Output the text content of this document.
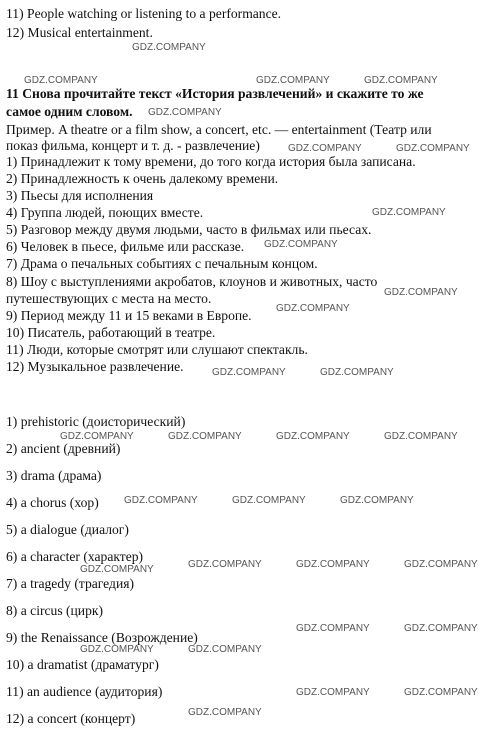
11) People watching or listening to a performance.
12) Musical entertainment.
11 Снова прочитайте текст «История развлечений» и скажите то же
самое одним словом.
Пример. A theatre or a film show, a concert, etc. — entertainment (Театр или
показ фильма, концерт и т. д. - развлечение)
1) Принадлежит к тому времени, до того когда история была записана.
2) Принадлежность к очень далекому времени.
3) Пьесы для исполнения
4) Группа людей, поющих вместе.
5) Разговор между двумя людьми, часто в фильмах или пьесах.
6) Человек в пьесе, фильме или рассказе.
7) Драма о печальных событиях с печальным концом.
8) Шоу с выступлениями акробатов, клоунов и животных, часто
путешествующих с места на место.
9) Период между 11 и 15 веками в Европе.
10) Писатель, работающий в театре.
11) Люди, которые смотрят или слушают спектакль.
12) Музыкальное развлечение.
1) prehistoric (доисторический)
2) ancient (древний)
3) drama (драма)
4) a chorus (хор)
5) a dialogue (диалог)
6) a character (характер)
7) a tragedy (трагедия)
8) a circus (цирк)
9) the Renaissance (Возрождение)
10) a dramatist (драматург)
11) an audience (аудитория)
12) a concert (концерт)
GDZ.COMPANY
GDZ.COMPANY	GDZ.COMPANY	GDZ.COMPANY
GDZ.COMPANY
GDZ.COMPANY	GDZ.COMPANY
GDZ.COMPANY
GDZ.COMPANY
GDZ.COMPANY
GDZ.COMPANY
GDZ.COMPANY	GDZ.COMPANY
GDZ.COMPANY	GDZ.COMPANY	GDZ.COMPANY	GDZ.COMPANY
GDZ.COMPANY	GDZ.COMPANY	GDZ.COMPANY
GDZ.COMPANY	GDZ.COMPANY	GDZ.COMPANY
GDZ.COMPANY
GDZ.COMPANY	GDZ.COMPANY
GDZ.COMPANY	GDZ.COMPANY
GDZ.COMPANY	GDZ.COMPANY
GDZ.COMPANY
